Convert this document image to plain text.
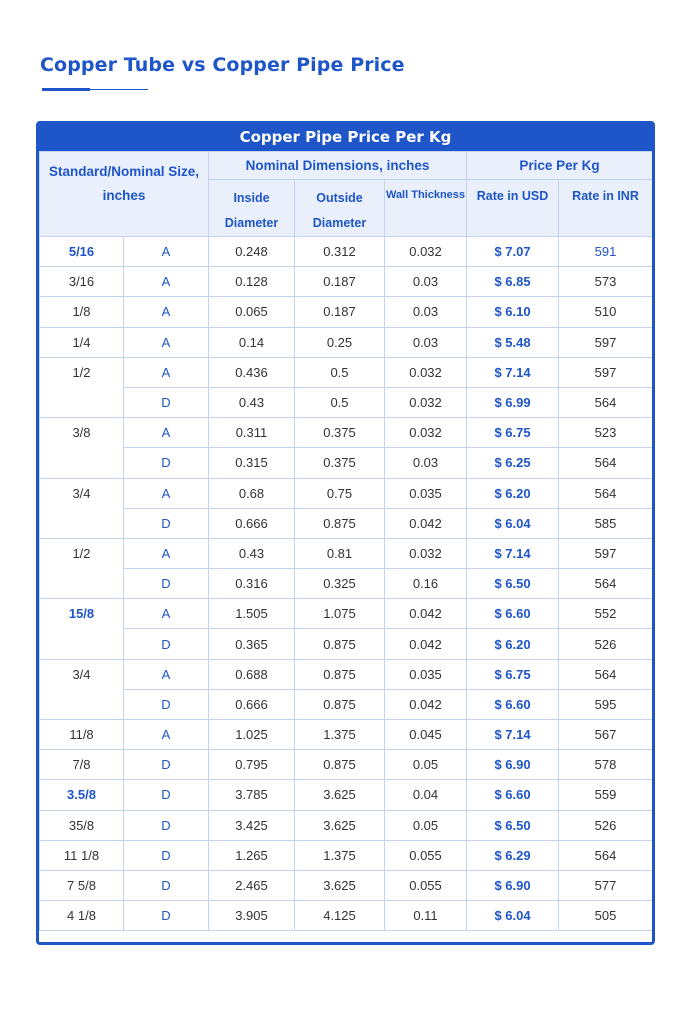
Copper Tube vs Copper Pipe Price
Copper Pipe Price Per Kg
Standard/Nominal Size, inches		Nominal Dimensions, inches			Price Per Kg	
		Inside Diameter	Outside Diameter	Wall Thickness	Rate in USD	Rate in INR
5/16	A	0.248	0.312	0.032	$ 7.07	591
3/16	A	0.128	0.187	0.03	$ 6.85	573
1/8	A	0.065	0.187	0.03	$ 6.10	510
1/4	A	0.14	0.25	0.03	$ 5.48	597
1/2	A	0.436	0.5	0.032	$ 7.14	597
	D	0.43	0.5	0.032	$ 6.99	564
3/8	A	0.311	0.375	0.032	$ 6.75	523
	D	0.315	0.375	0.03	$ 6.25	564
3/4	A	0.68	0.75	0.035	$ 6.20	564
	D	0.666	0.875	0.042	$ 6.04	585
1/2	A	0.43	0.81	0.032	$ 7.14	597
	D	0.316	0.325	0.16	$ 6.50	564
15/8	A	1.505	1.075	0.042	$ 6.60	552
	D	0.365	0.875	0.042	$ 6.20	526
3/4	A	0.688	0.875	0.035	$ 6.75	564
	D	0.666	0.875	0.042	$ 6.60	595
11/8	A	1.025	1.375	0.045	$ 7.14	567
7/8	D	0.795	0.875	0.05	$ 6.90	578
3.5/8	D	3.785	3.625	0.04	$ 6.60	559
35/8	D	3.425	3.625	0.05	$ 6.50	526
11 1/8	D	1.265	1.375	0.055	$ 6.29	564
7 5/8	D	2.465	3.625	0.055	$ 6.90	577
4 1/8	D	3.905	4.125	0.11	$ 6.04	505
